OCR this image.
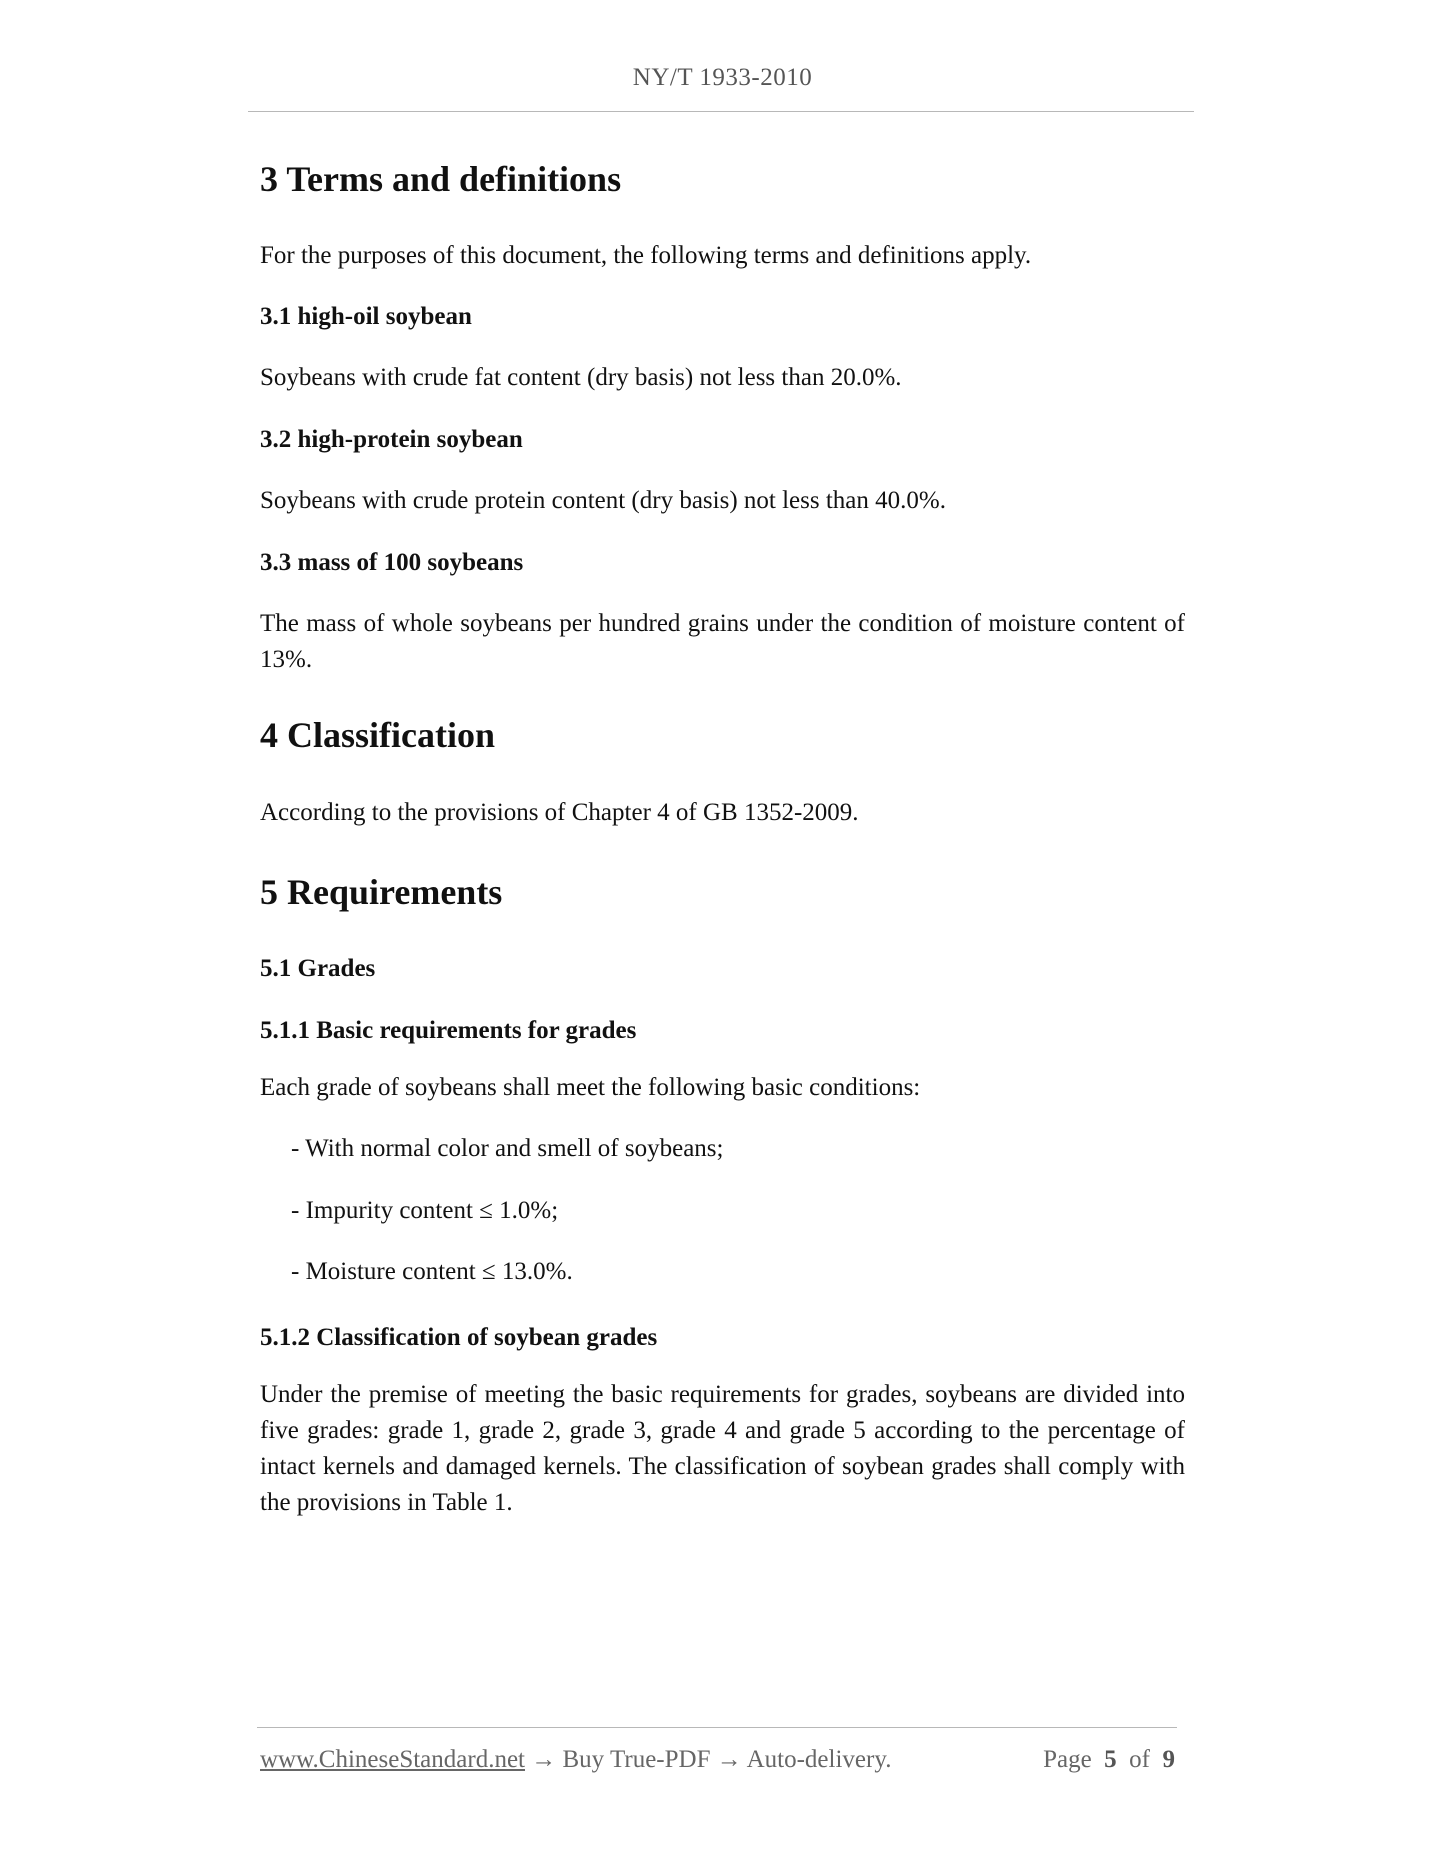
NY/T 1933-2010
3 Terms and definitions

For the purposes of this document, the following terms and definitions apply.

3.1 high-oil soybean

Soybeans with crude fat content (dry basis) not less than 20.0%.

3.2 high-protein soybean

Soybeans with crude protein content (dry basis) not less than 40.0%.

3.3 mass of 100 soybeans

The mass of whole soybeans per hundred grains under the condition of moisture content of 13%.

4 Classification

According to the provisions of Chapter 4 of GB 1352-2009.

5 Requirements
5.1 Grades
5.1.1 Basic requirements for grades

Each grade of soybeans shall meet the following basic conditions:

- With normal color and smell of soybeans;

- Impurity content ≤ 1.0%;

- Moisture content ≤ 13.0%.

5.1.2 Classification of soybean grades

Under the premise of meeting the basic requirements for grades, soybeans are divided into five grades: grade 1, grade 2, grade 3, grade 4 and grade 5 according to the percentage of intact kernels and damaged kernels. The classification of soybean grades shall comply with the provisions in Table 1.

www.ChineseStandard.net → Buy True-PDF → Auto-delivery.	Page 5 of 9
